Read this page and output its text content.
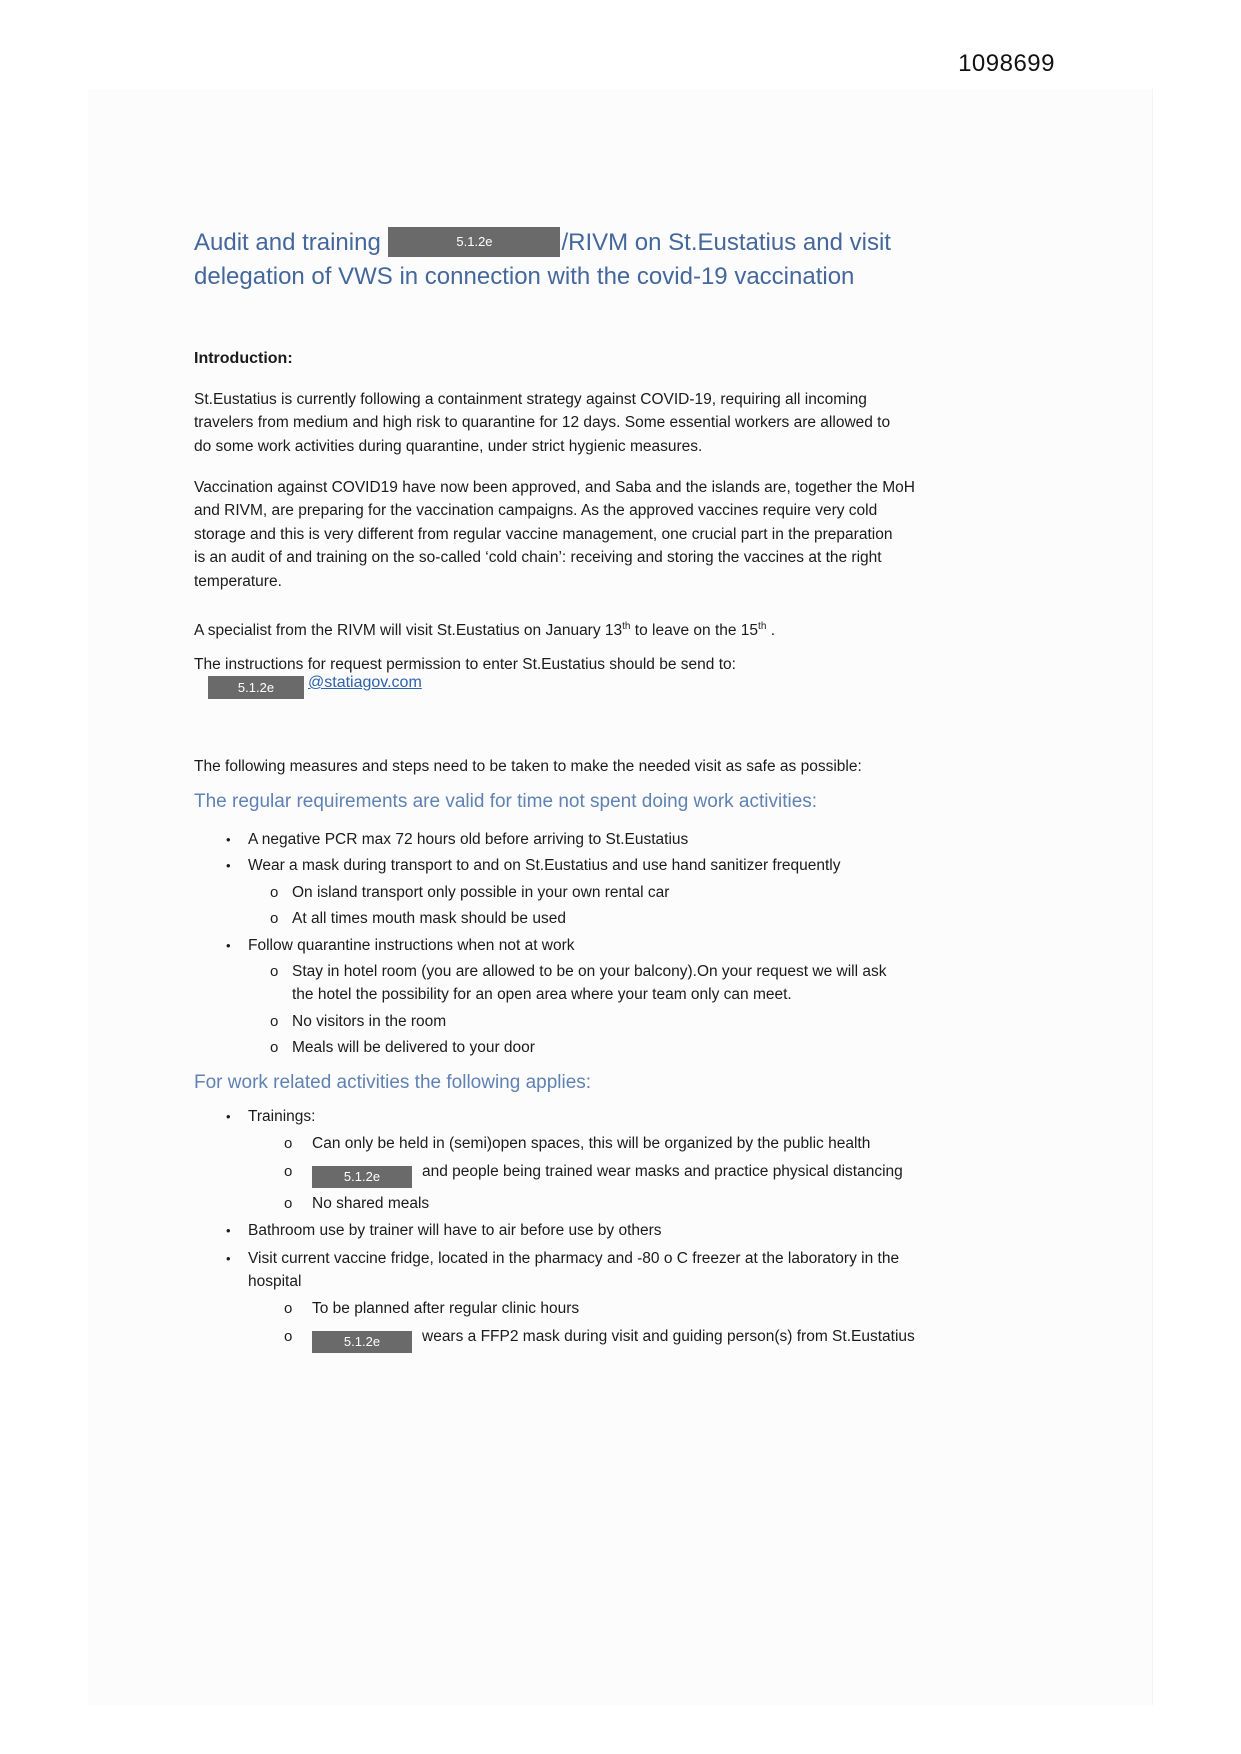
1098699
Audit and training	5.1.2e	/RIVM on St.Eustatius and visit
delegation of VWS in connection with the covid-19 vaccination
Introduction:
St.Eustatius is currently following a containment strategy against COVID-19, requiring all incoming
travelers from medium and high risk to quarantine for 12 days. Some essential workers are allowed to
do some work activities during quarantine, under strict hygienic measures.
Vaccination against COVID19 have now been approved, and Saba and the islands are, together the MoH
and RIVM, are preparing for the vaccination campaigns. As the approved vaccines require very cold
storage and this is very different from regular vaccine management, one crucial part in the preparation
is an audit of and training on the so-called ‘cold chain’: receiving and storing the vaccines at the right
temperature.
A specialist from the RIVM will visit St.Eustatius on January 13th to leave on the 15th .
The instructions for request permission to enter St.Eustatius should be send to:
5.1.2e @statiagov.com
The following measures and steps need to be taken to make the needed visit as safe as possible:
The regular requirements are valid for time not spent doing work activities:
•	A negative PCR max 72 hours old before arriving to St.Eustatius
•	Wear a mask during transport to and on St.Eustatius and use hand sanitizer frequently
o On island transport only possible in your own rental car
o At all times mouth mask should be used
•	Follow quarantine instructions when not at work
o Stay in hotel room (you are allowed to be on your balcony).On your request we will ask
the hotel the possibility for an open area where your team only can meet.
o No visitors in the room
o Meals will be delivered to your door
For work related activities the following applies:
•	Trainings:
o	Can only be held in (semi)open spaces, this will be organized by the public health
o	5.1.2e	and people being trained wear masks and practice physical distancing
o	No shared meals
•	Bathroom use by trainer will have to air before use by others
•	Visit current vaccine fridge, located in the pharmacy and -80 o C freezer at the laboratory in the
hospital
o	To be planned after regular clinic hours
o	5.1.2e	wears a FFP2 mask during visit and guiding person(s) from St.Eustatius
